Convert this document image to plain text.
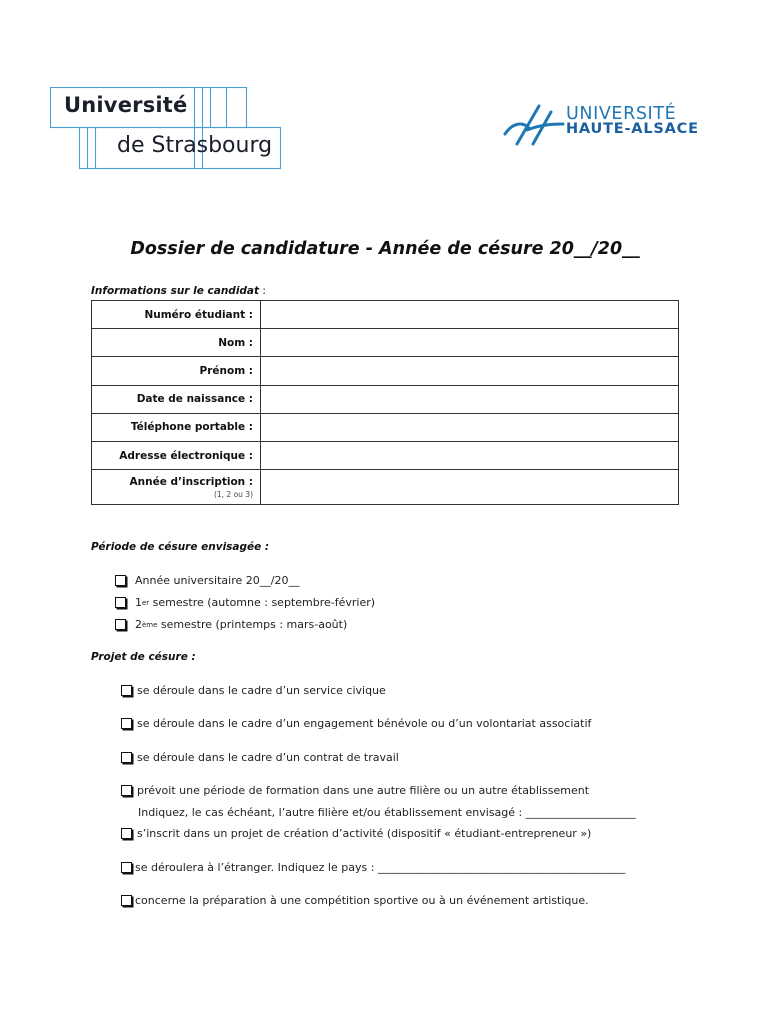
Université
de Strasbourg
UNIVERSITÉ
HAUTE-ALSACE
Dossier de candidature - Année de césure 20__/20__
Informations sur le candidat :
Numéro étudiant :	
Nom :	
Prénom :	
Date de naissance :	
Téléphone portable :	
Adresse électronique :	
Année d’inscription :
(1, 2 ou 3)	

Période de césure envisagée :
Année universitaire 20__/20__
1 er semestre (automne : septembre-février)
2 ème semestre (printemps : mars-août)
Projet de césure :
se déroule dans le cadre d’un service civique
se déroule dans le cadre d’un engagement bénévole ou d’un volontariat associatif
se déroule dans le cadre d’un contrat de travail
prévoit une période de formation dans une autre filière ou un autre établissement
Indiquez, le cas échéant, l’autre filière et/ou établissement envisagé : ____________________
s’inscrit dans un projet de création d’activité (dispositif « étudiant-entrepreneur »)
se déroulera à l’étranger. Indiquez le pays : _____________________________________________
concerne la préparation à une compétition sportive ou à un événement artistique.
